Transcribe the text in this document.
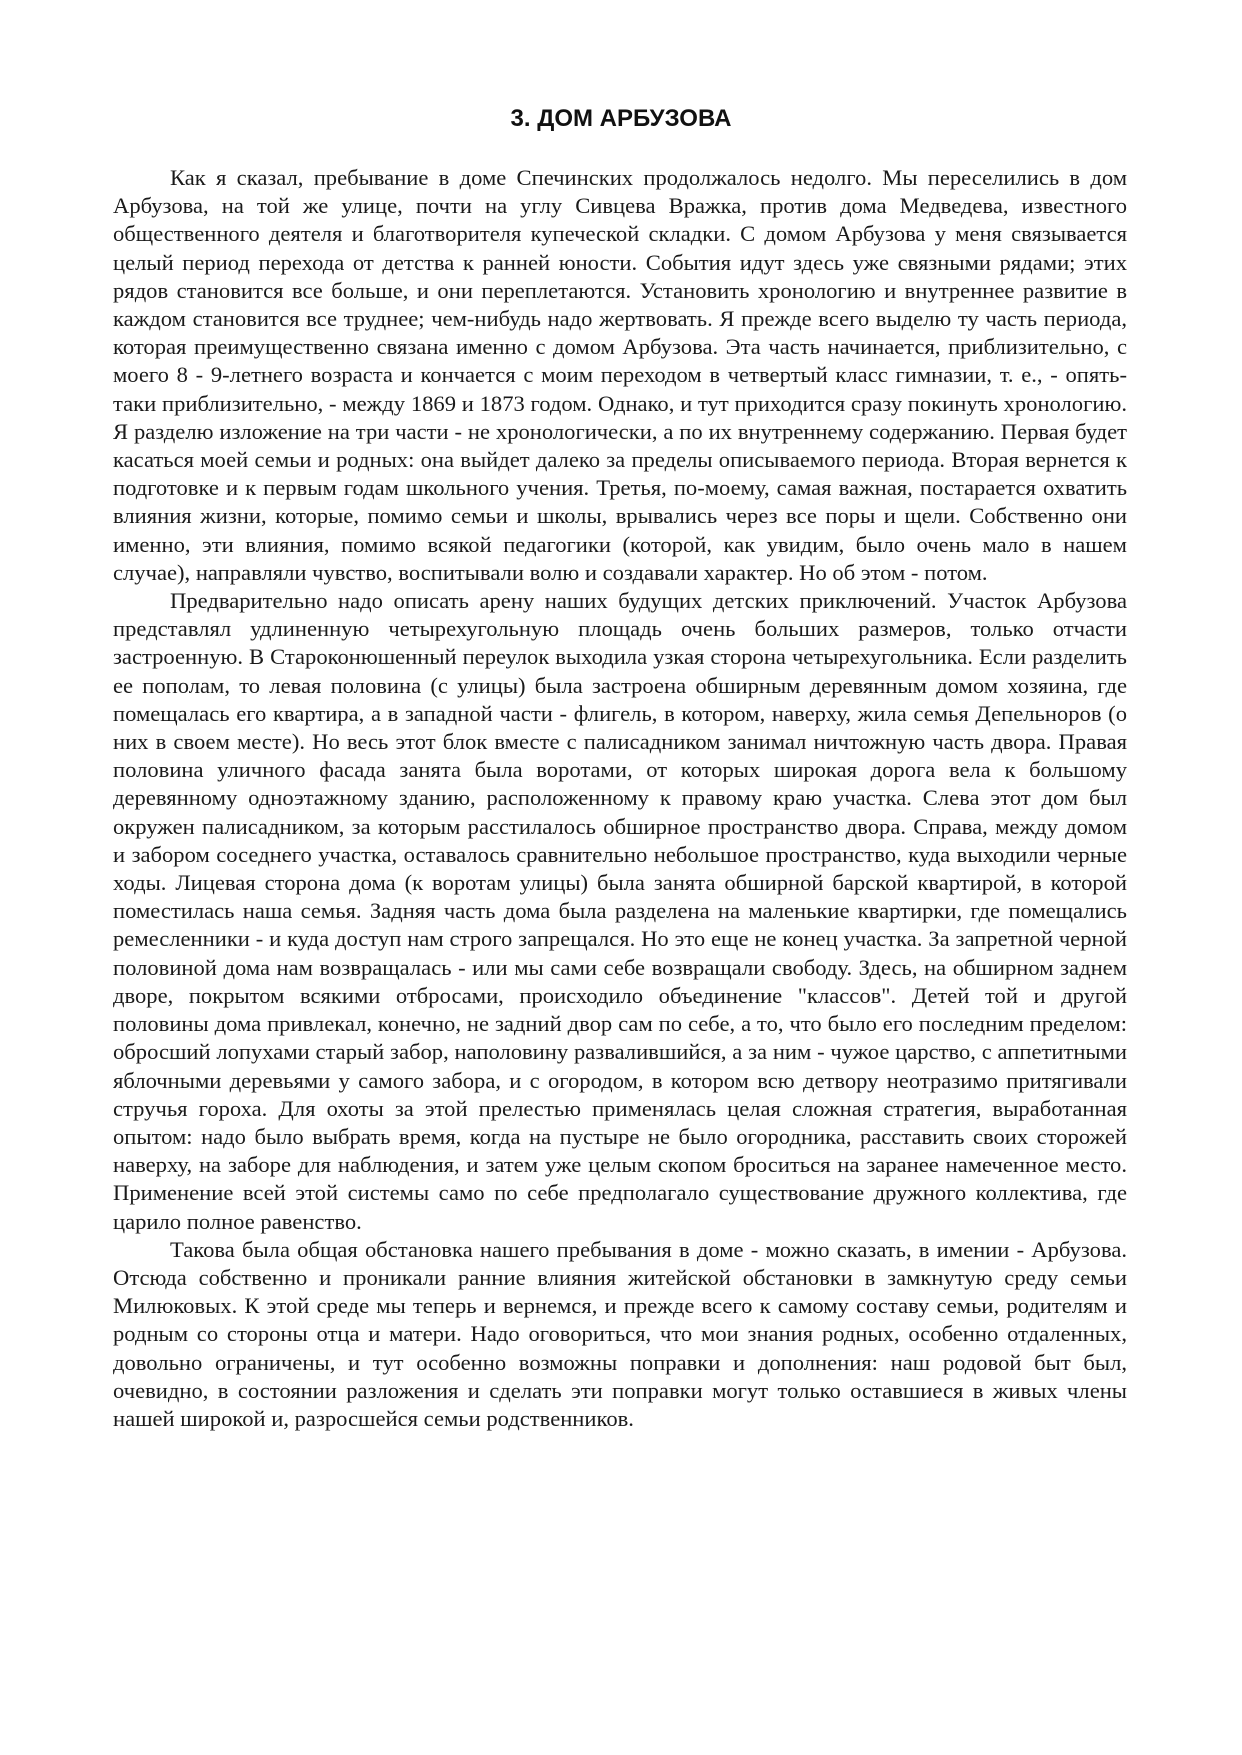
3. ДОМ АРБУЗОВА

Как я сказал, пребывание в доме Спечинских продолжалось недолго. Мы переселились в дом Арбузова, на той же улице, почти на углу Сивцева Вражка, против дома Медведева, известного общественного деятеля и благотворителя купеческой складки. С домом Арбузова у меня связывается целый период перехода от детства к ранней юности. События идут здесь уже связными рядами; этих рядов становится все больше, и они переплетаются. Установить хронологию и внутреннее развитие в каждом становится все труднее; чем-нибудь надо жертвовать. Я прежде всего выделю ту часть периода, которая преимущественно связана именно с домом Арбузова. Эта часть начинается, приблизительно, с моего 8 - 9-летнего возраста и кончается с моим переходом в четвертый класс гимназии, т. е., - опять-таки приблизительно, - между 1869 и 1873 годом. Однако, и тут приходится сразу покинуть хронологию. Я разделю изложение на три части - не хронологически, а по их внутреннему содержанию. Первая будет касаться моей семьи и родных: она выйдет далеко за пределы описываемого периода. Вторая вернется к подготовке и к первым годам школьного учения. Третья, по-моему, самая важная, постарается охватить влияния жизни, которые, помимо семьи и школы, врывались через все поры и щели. Собственно они именно, эти влияния, помимо всякой педагогики (которой, как увидим, было очень мало в нашем случае), направляли чувство, воспитывали волю и создавали характер. Но об этом - потом.

Предварительно надо описать арену наших будущих детских приключений. Участок Арбузова представлял удлиненную четырехугольную площадь очень больших размеров, только отчасти застроенную. В Староконюшенный переулок выходила узкая сторона четырехугольника. Если разделить ее пополам, то левая половина (с улицы) была застроена обширным деревянным домом хозяина, где помещалась его квартира, а в западной части - флигель, в котором, наверху, жила семья Депельноров (о них в своем месте). Но весь этот блок вместе с палисадником занимал ничтожную часть двора. Правая половина уличного фасада занята была воротами, от которых широкая дорога вела к большому деревянному одноэтажному зданию, расположенному к правому краю участка. Слева этот дом был окружен палисадником, за которым расстилалось обширное пространство двора. Справа, между домом и забором соседнего участка, оставалось сравнительно небольшое пространство, куда выходили черные ходы. Лицевая сторона дома (к воротам улицы) была занята обширной барской квартирой, в которой поместилась наша семья. Задняя часть дома была разделена на маленькие квартирки, где помещались ремесленники - и куда доступ нам строго запрещался. Но это еще не конец участка. За запретной черной половиной дома нам возвращалась - или мы сами себе возвращали свободу. Здесь, на обширном заднем дворе, покрытом всякими отбросами, происходило объединение "классов". Детей той и другой половины дома привлекал, конечно, не задний двор сам по себе, а то, что было его последним пределом: обросший лопухами старый забор, наполовину развалившийся, а за ним - чужое царство, с аппетитными яблочными деревьями у самого забора, и с огородом, в котором всю детвору неотразимо притягивали стручья гороха. Для охоты за этой прелестью применялась целая сложная стратегия, выработанная опытом: надо было выбрать время, когда на пустыре не было огородника, расставить своих сторожей наверху, на заборе для наблюдения, и затем уже целым скопом броситься на заранее намеченное место. Применение всей этой системы само по себе предполагало существование дружного коллектива, где царило полное равенство.

Такова была общая обстановка нашего пребывания в доме - можно сказать, в имении - Арбузова. Отсюда собственно и проникали ранние влияния житейской обстановки в замкнутую среду семьи Милюковых. К этой среде мы теперь и вернемся, и прежде всего к самому составу семьи, родителям и родным со стороны отца и матери. Надо оговориться, что мои знания родных, особенно отдаленных, довольно ограничены, и тут особенно возможны поправки и дополнения: наш родовой быт был, очевидно, в состоянии разложения и сделать эти поправки могут только оставшиеся в живых члены нашей широкой и, разросшейся семьи родственников.
